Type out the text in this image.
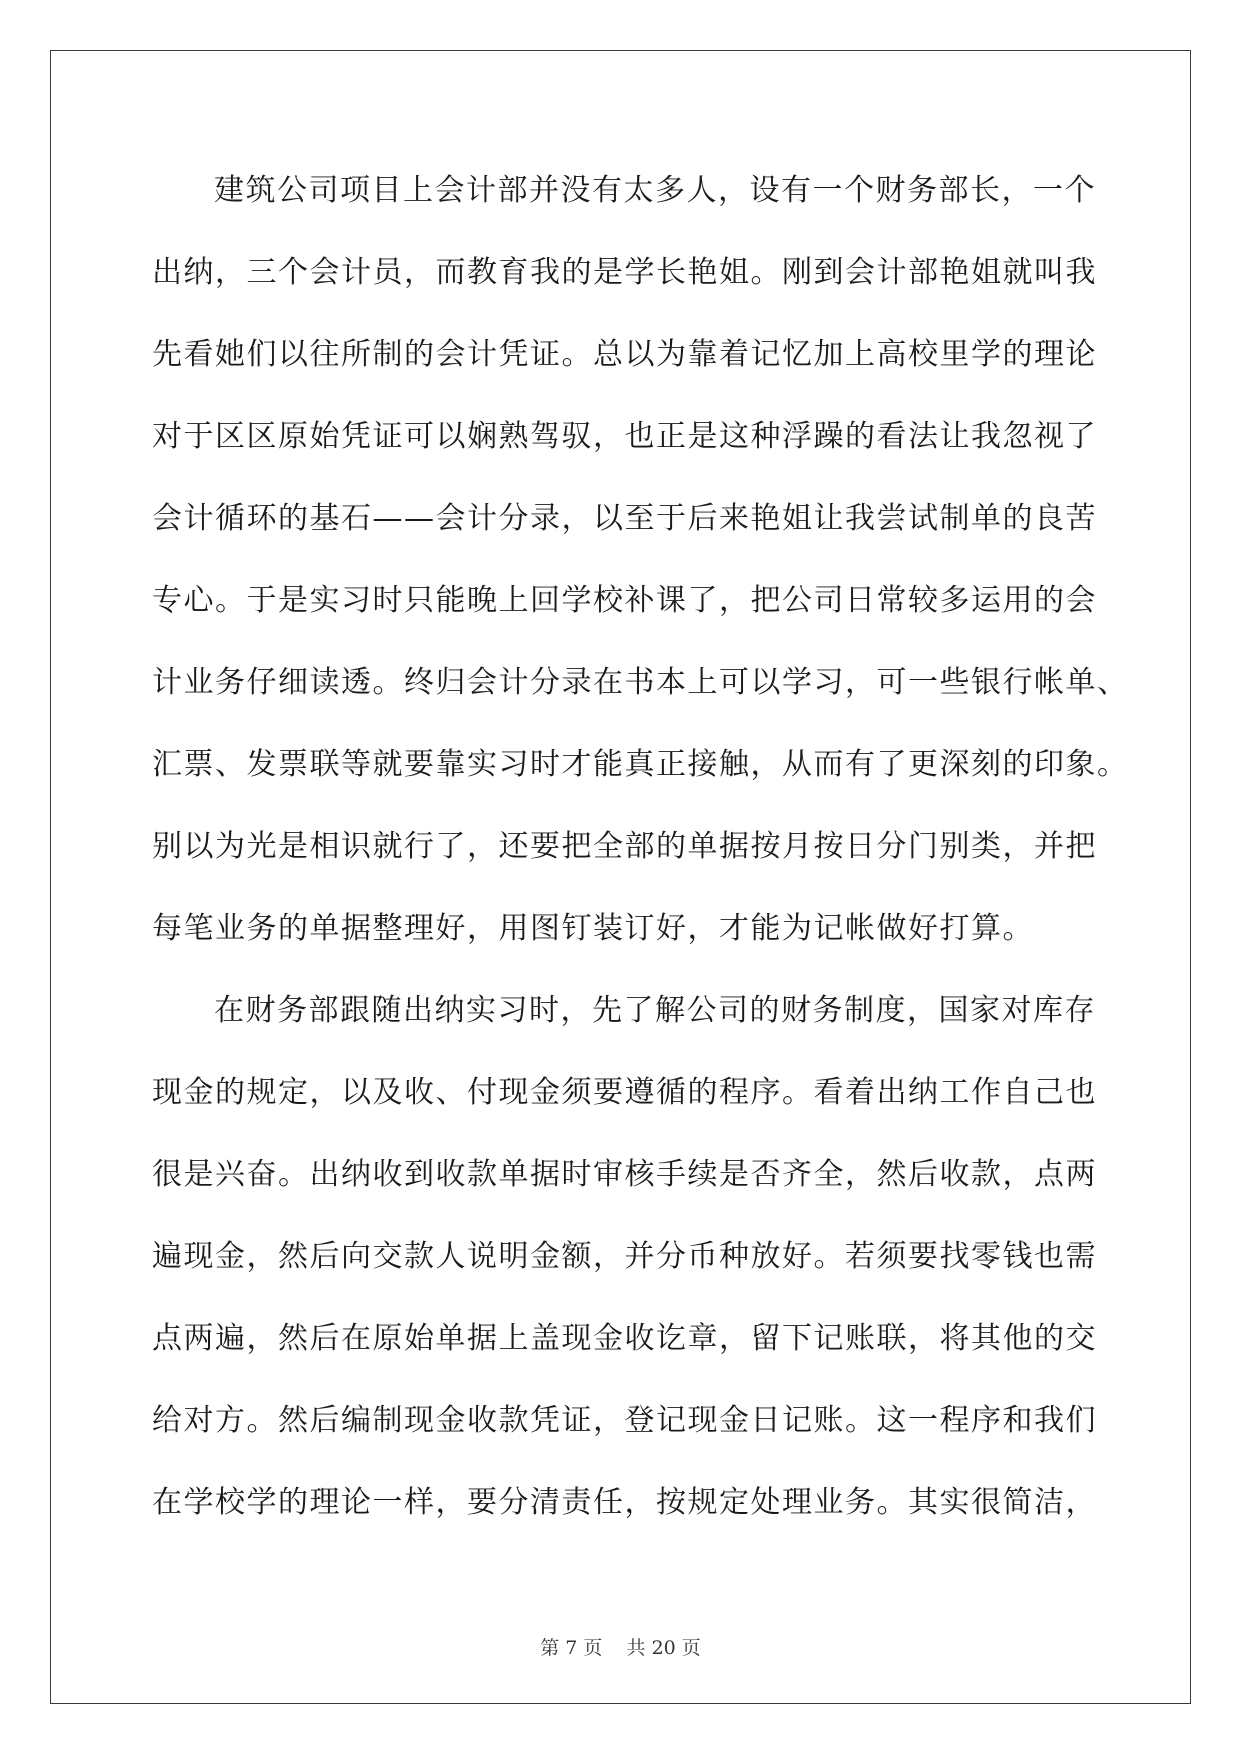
建筑公司项目上会计部并没有太多人，设有一个财务部长，一个
出纳，三个会计员，而教育我的是学长艳姐。刚到会计部艳姐就叫我
先看她们以往所制的会计凭证。总以为靠着记忆加上高校里学的理论
对于区区原始凭证可以娴熟驾驭，也正是这种浮躁的看法让我忽视了
会计循环的基石——会计分录，以至于后来艳姐让我尝试制单的良苦
专心。于是实习时只能晚上回学校补课了，把公司日常较多运用的会
计业务仔细读透。终归会计分录在书本上可以学习，可一些银行帐单、
汇票、发票联等就要靠实习时才能真正接触，从而有了更深刻的印象。
别以为光是相识就行了，还要把全部的单据按月按日分门别类，并把
每笔业务的单据整理好，用图钉装订好，才能为记帐做好打算。
在财务部跟随出纳实习时，先了解公司的财务制度，国家对库存
现金的规定，以及收、付现金须要遵循的程序。看着出纳工作自己也
很是兴奋。出纳收到收款单据时审核手续是否齐全，然后收款，点两
遍现金，然后向交款人说明金额，并分币种放好。若须要找零钱也需
点两遍，然后在原始单据上盖现金收讫章，留下记账联，将其他的交
给对方。然后编制现金收款凭证，登记现金日记账。这一程序和我们
在学校学的理论一样，要分清责任，按规定处理业务。其实很简洁，
第 7 页    共 20 页
